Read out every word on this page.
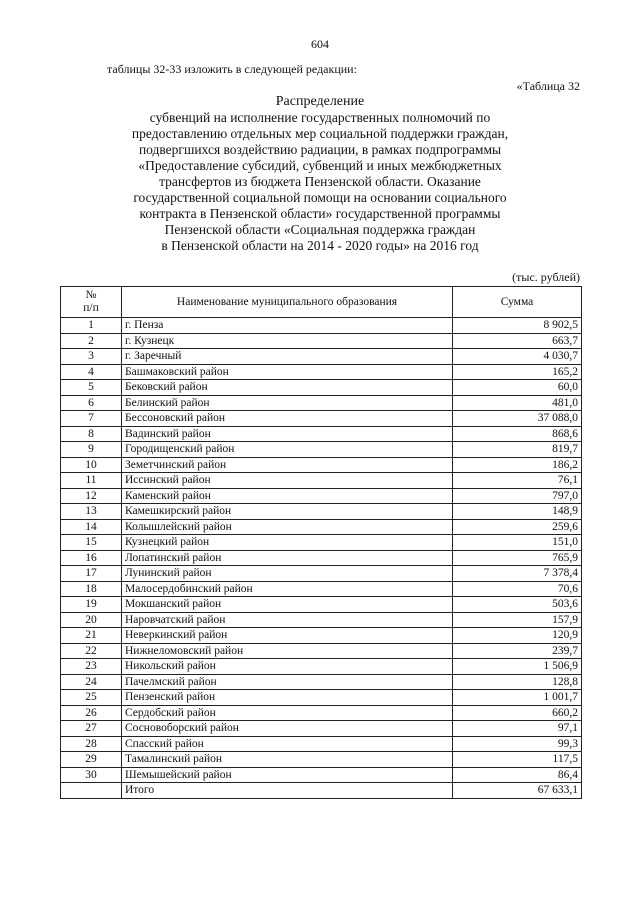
604
таблицы 32-33 изложить в следующей редакции:
«Таблица 32
Распределение
субвенций на исполнение государственных полномочий по
предоставлению отдельных мер социальной поддержки граждан,
подвергшихся воздействию радиации, в рамках подпрограммы
«Предоставление субсидий, субвенций и иных межбюджетных
трансфертов из бюджета Пензенской области. Оказание
государственной социальной помощи на основании социального
контракта в Пензенской области» государственной программы
Пензенской области «Социальная поддержка граждан
в Пензенской области на 2014 - 2020 годы» на 2016 год
(тыс. рублей)
№
п/п	Наименование муниципального образования	Сумма
1	г. Пенза	8 902,5
2	г. Кузнецк	663,7
3	г. Заречный	4 030,7
4	Башмаковский район	165,2
5	Бековский район	60,0
6	Белинский район	481,0
7	Бессоновский район	37 088,0
8	Вадинский район	868,6
9	Городищенский район	819,7
10	Земетчинский район	186,2
11	Иссинский район	76,1
12	Каменский район	797,0
13	Камешкирский район	148,9
14	Колышлейский район	259,6
15	Кузнецкий район	151,0
16	Лопатинский район	765,9
17	Лунинский район	7 378,4
18	Малосердобинский район	70,6
19	Мокшанский район	503,6
20	Наровчатский район	157,9
21	Неверкинский район	120,9
22	Нижнеломовский район	239,7
23	Никольский район	1 506,9
24	Пачелмский район	128,8
25	Пензенский район	1 001,7
26	Сердобский район	660,2
27	Сосновоборский район	97,1
28	Спасский район	99,3
29	Тамалинский район	117,5
30	Шемышейский район	86,4
	Итого	67 633,1
